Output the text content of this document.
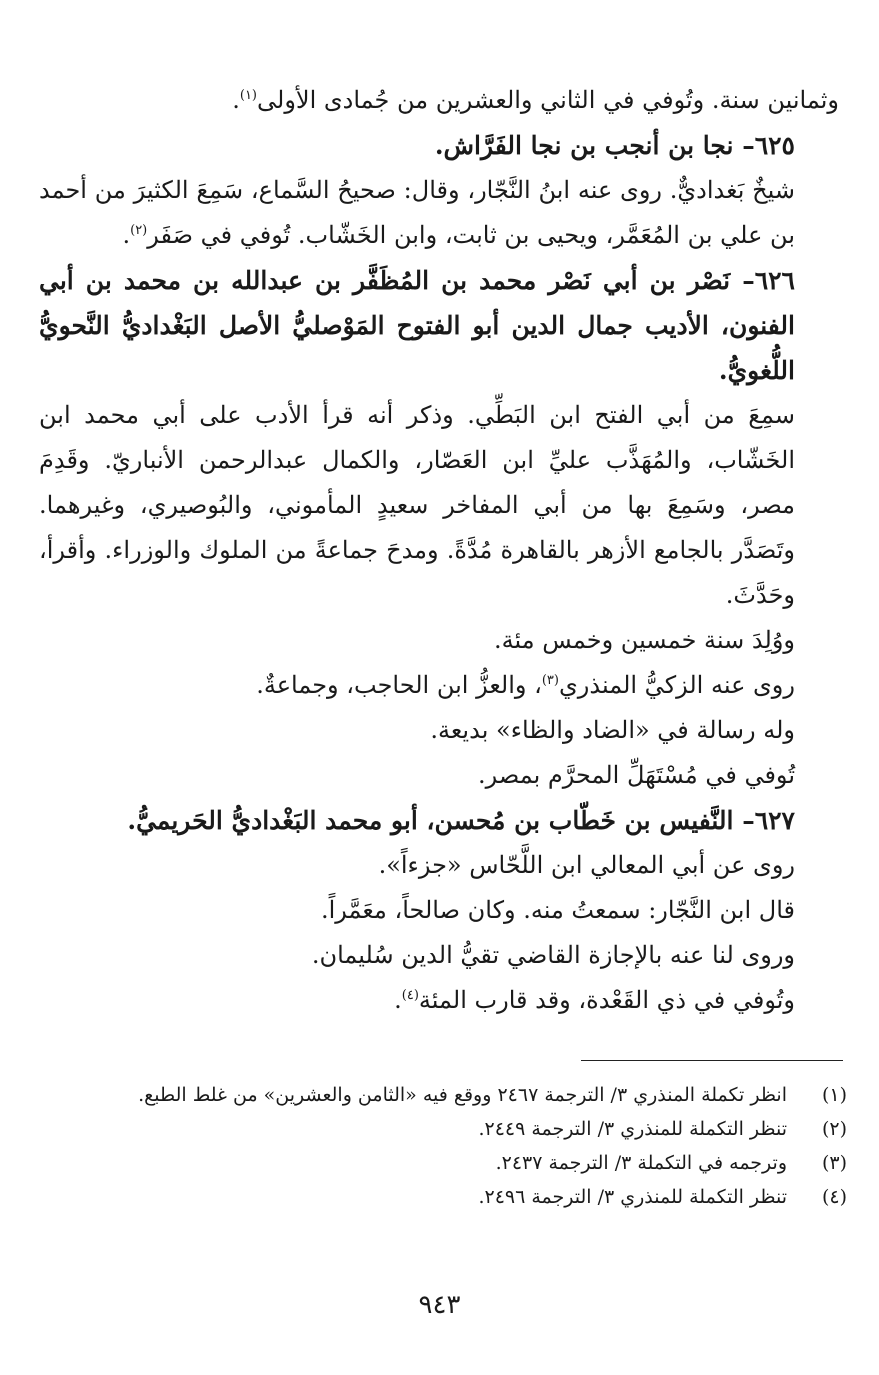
وثمانين سنة. وتُوفي في الثاني والعشرين من جُمادى الأولى$^{(١)}$.

٦٢٥– نجا بن أنجب بن نجا الفَرَّاش.

شيخٌ بَغداديٌّ. روى عنه ابنُ النَّجّار، وقال: صحيحُ السَّماع، سَمِعَ الكثيرَ من أحمد بن علي بن المُعَمَّر، ويحيى بن ثابت، وابن الخَشّاب. تُوفي في صَفَر$^{(٢)}$.

٦٢٦– نَصْر بن أبي نَصْر محمد بن المُظَفَّر بن عبدالله بن محمد بن أبي الفنون، الأديب جمال الدين أبو الفتوح المَوْصليُّ الأصل البَغْداديُّ النَّحويُّ اللُّغويُّ.

سمِعَ من أبي الفتح ابن البَطِّي. وذكر أنه قرأ الأدب على أبي محمد ابن الخَشّاب، والمُهَذَّب عليِّ ابن العَصّار، والكمال عبدالرحمن الأنباريّ. وقَدِمَ مصر، وسَمِعَ بها من أبي المفاخر سعيدٍ المأموني، والبُوصيري، وغيرهما. وتَصَدَّر بالجامع الأزهر بالقاهرة مُدَّةً. ومدحَ جماعةً من الملوك والوزراء. وأقرأ، وحَدَّثَ.

ووُلِدَ سنة خمسين وخمس مئة.

روى عنه الزكيُّ المنذري$^{(٣)}$، والعزُّ ابن الحاجب، وجماعةٌ.

وله رسالة في «الضاد والظاء» بديعة.

تُوفي في مُسْتَهَلِّ المحرَّم بمصر.

٦٢٧– النَّفيس بن خَطّاب بن مُحسن، أبو محمد البَغْداديُّ الحَريميُّ.

روى عن أبي المعالي ابن اللَّحّاس «جزءاً».

قال ابن النَّجّار: سمعتُ منه. وكان صالحاً، معَمَّراً.

وروى لنا عنه بالإجازة القاضي تقيُّ الدين سُليمان.

وتُوفي في ذي القَعْدة، وقد قارب المئة$^{(٤)}$.

(١)
انظر تكملة المنذري ٣/ الترجمة ٢٤٦٧ ووقع فيه «الثامن والعشرين» من غلط الطبع.

(٢)
تنظر التكملة للمنذري ٣/ الترجمة ٢٤٤٩.

(٣)
وترجمه في التكملة ٣/ الترجمة ٢٤٣٧.

(٤)
تنظر التكملة للمنذري ٣/ الترجمة ٢٤٩٦.

٩٤٣
